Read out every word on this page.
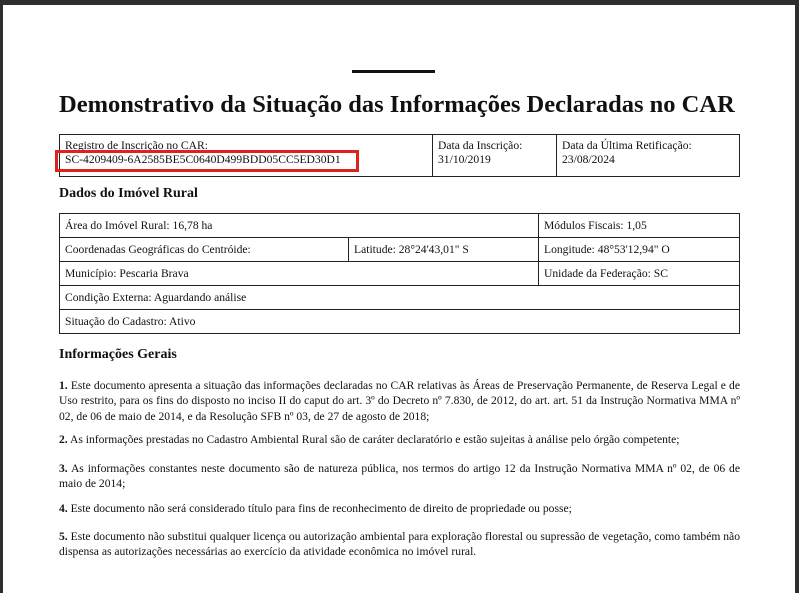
Demonstrativo da Situação das Informações Declaradas no CAR
Registro de Inscrição no CAR:
SC-4209409-6A2585BE5C0640D499BDD05CC5ED30D1

Data da Inscrição:
31/10/2019

Data da Última Retificação:
23/08/2024
Dados do Imóvel Rural
Área do Imóvel Rural: 16,78 ha		Módulos Fiscais: 1,05
Coordenadas Geográficas do Centróide:	Latitude: 28°24'43,01" S	Longitude: 48°53'12,94" O
Município: Pescaria Brava		Unidade da Federação: SC
Condição Externa: Aguardando análise		
Situação do Cadastro: Ativo		
Informações Gerais

1. Este documento apresenta a situação das informações declaradas no CAR relativas às Áreas de Preservação Permanente, de Reserva Legal e de Uso restrito, para os fins do disposto no inciso II do caput do art. 3º do Decreto nº 7.830, de 2012, do art. art. 51 da Instrução Normativa MMA nº 02, de 06 de maio de 2014, e da Resolução SFB nº 03, de 27 de agosto de 2018;

2. As informações prestadas no Cadastro Ambiental Rural são de caráter declaratório e estão sujeitas à análise pelo órgão competente;

3. As informações constantes neste documento são de natureza pública, nos termos do artigo 12 da Instrução Normativa MMA nº 02, de 06 de maio de 2014;

4. Este documento não será considerado título para fins de reconhecimento de direito de propriedade ou posse;

5. Este documento não substitui qualquer licença ou autorização ambiental para exploração florestal ou supressão de vegetação, como também não dispensa as autorizações necessárias ao exercício da atividade econômica no imóvel rural.
